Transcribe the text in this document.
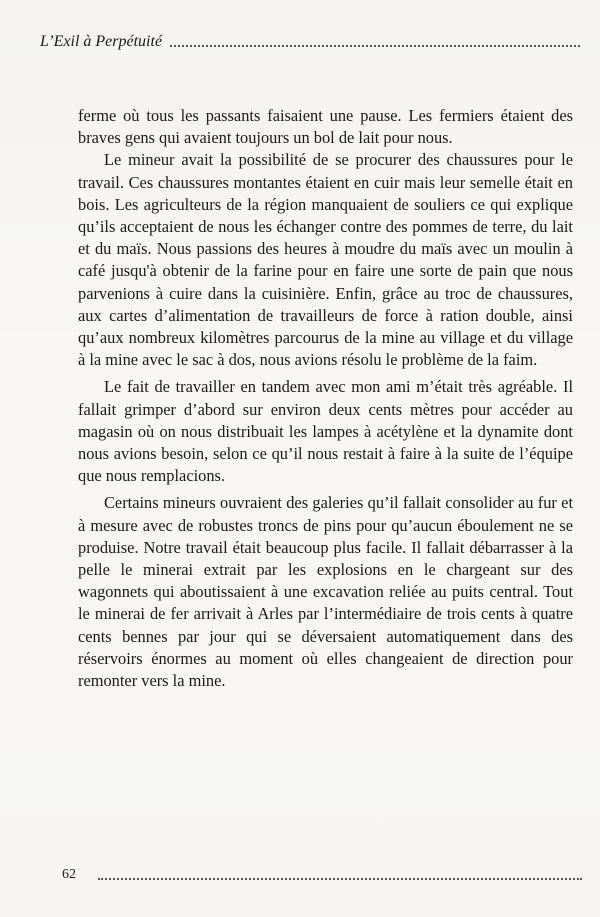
L’Exil à Perpétuité

ferme où tous les passants faisaient une pause. Les fermiers étaient des braves gens qui avaient toujours un bol de lait pour nous.

Le mineur avait la possibilité de se procurer des chaussures pour le travail. Ces chaussures montantes étaient en cuir mais leur semelle était en bois. Les agriculteurs de la région manquaient de souliers ce qui explique qu’ils acceptaient de nous les échanger contre des pommes de terre, du lait et du maïs. Nous passions des heures à moudre du maïs avec un moulin à café jusqu'à obtenir de la farine pour en faire une sorte de pain que nous parvenions à cuire dans la cuisinière. Enfin, grâce au troc de chaussures, aux cartes d’alimentation de travailleurs de force à ration double, ainsi qu’aux nombreux kilomètres parcourus de la mine au village et du village à la mine avec le sac à dos, nous avions résolu le problème de la faim.

Le fait de travailler en tandem avec mon ami m’était très agréable. Il fallait grimper d’abord sur environ deux cents mètres pour accéder au magasin où on nous distribuait les lampes à acétylène et la dynamite dont nous avions besoin, selon ce qu’il nous restait à faire à la suite de l’équipe que nous remplacions.

Certains mineurs ouvraient des galeries qu’il fallait consolider au fur et à mesure avec de robustes troncs de pins pour qu’aucun éboulement ne se produise. Notre travail était beaucoup plus facile. Il fallait débarrasser à la pelle le minerai extrait par les explosions en le chargeant sur des wagonnets qui aboutissaient à une excavation reliée au puits central. Tout le minerai de fer arrivait à Arles par l’intermédiaire de trois cents à quatre cents bennes par jour qui se déversaient automatiquement dans des réservoirs énormes au moment où elles changeaient de direction pour remonter vers la mine.

62
